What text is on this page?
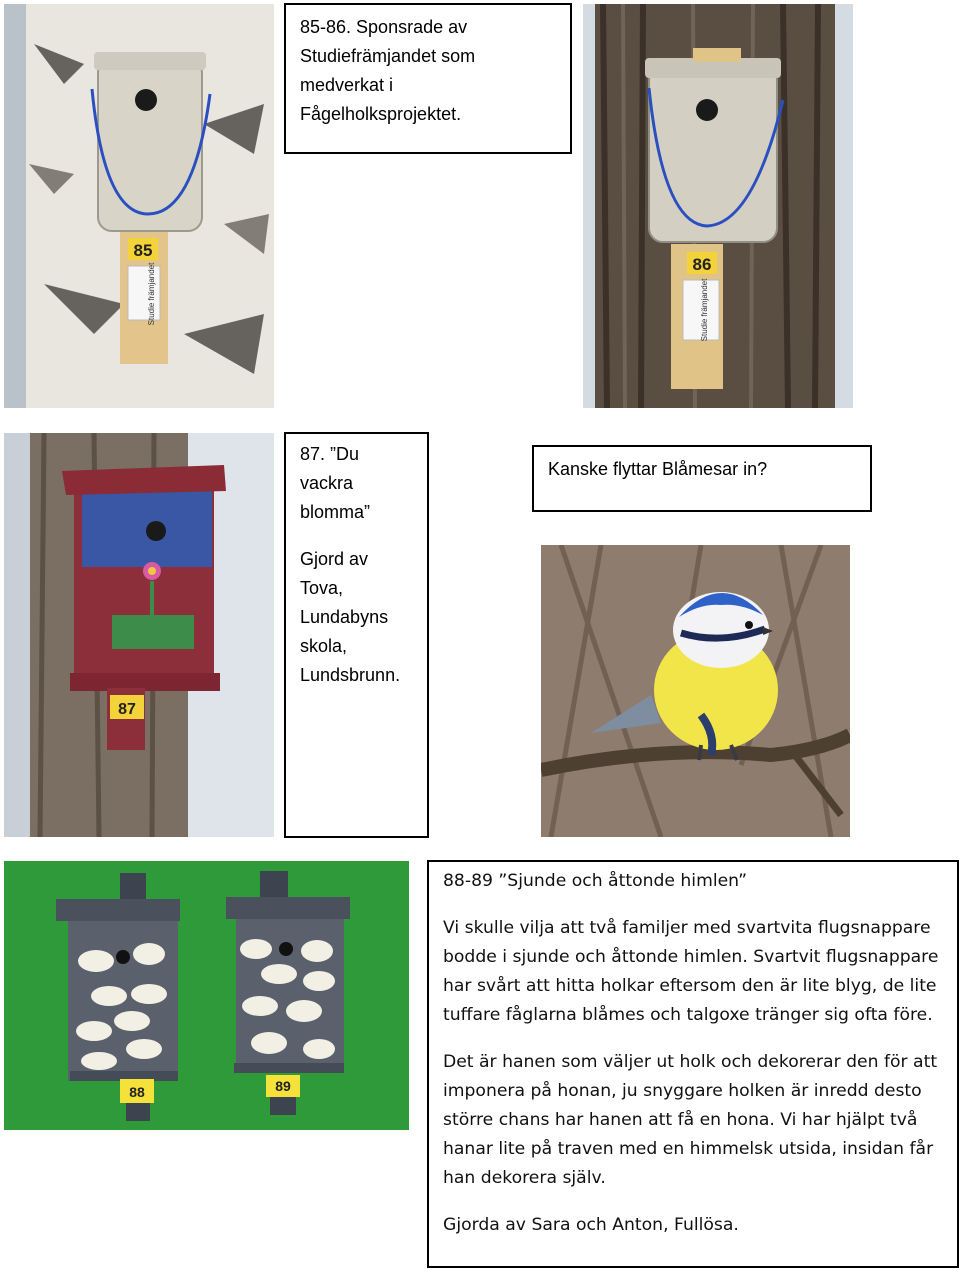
85
Studie främjandet
85-86. Sponsrade av Studiefrämjandet som medverkat i Fågelholksprojektet.
86
Studie främjandet
87
87. ”Du vackra blomma”
Gjord av Tova, Lundabyns skola, Lundsbrunn.
Kanske flyttar Blåmesar in?
88	89

88-89 ”Sjunde och åttonde himlen”

Vi skulle vilja att två familjer med svartvita flugsnappare bodde i sjunde och åttonde himlen. Svartvit flugsnappare har svårt att hitta holkar eftersom den är lite blyg, de lite tuffare fåglarna blåmes och talgoxe tränger sig ofta före.

Det är hanen som väljer ut holk och dekorerar den för att imponera på honan, ju snyggare holken är inredd desto större chans har hanen att få en hona. Vi har hjälpt två hanar lite på traven med en himmelsk utsida, insidan får han dekorera själv.

Gjorda av Sara och Anton, Fullösa.
